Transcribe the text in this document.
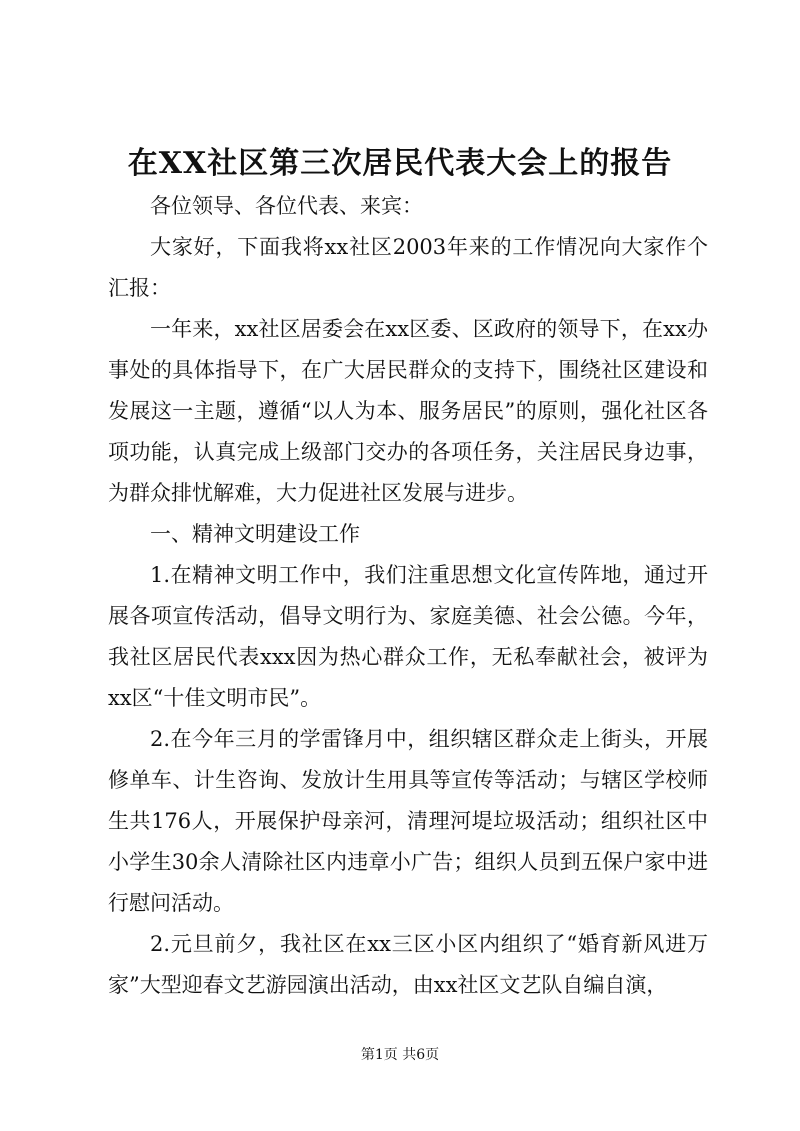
在XX社区第三次居民代表大会上的报告

各位领导、各位代表、来宾：

大家好，下面我将xx社区2003年来的工作情况向大家作个汇报：

一年来，xx社区居委会在xx区委、区政府的领导下，在xx办事处的具体指导下，在广大居民群众的支持下，围绕社区建设和发展这一主题，遵循“以人为本、服务居民”的原则，强化社区各项功能，认真完成上级部门交办的各项任务，关注居民身边事，为群众排忧解难，大力促进社区发展与进步。

一、精神文明建设工作

1.在精神文明工作中，我们注重思想文化宣传阵地，通过开展各项宣传活动，倡导文明行为、家庭美德、社会公德。今年，我社区居民代表xxx因为热心群众工作，无私奉献社会，被评为xx区“十佳文明市民”。

2.在今年三月的学雷锋月中，组织辖区群众走上街头，开展修单车、计生咨询、发放计生用具等宣传等活动；与辖区学校师生共176人，开展保护母亲河，清理河堤垃圾活动；组织社区中小学生30余人清除社区内违章小广告；组织人员到五保户家中进行慰问活动。

2.元旦前夕，我社区在xx三区小区内组织了“婚育新风进万家”大型迎春文艺游园演出活动，由xx社区文艺队自编自演，

第1页 共6页
